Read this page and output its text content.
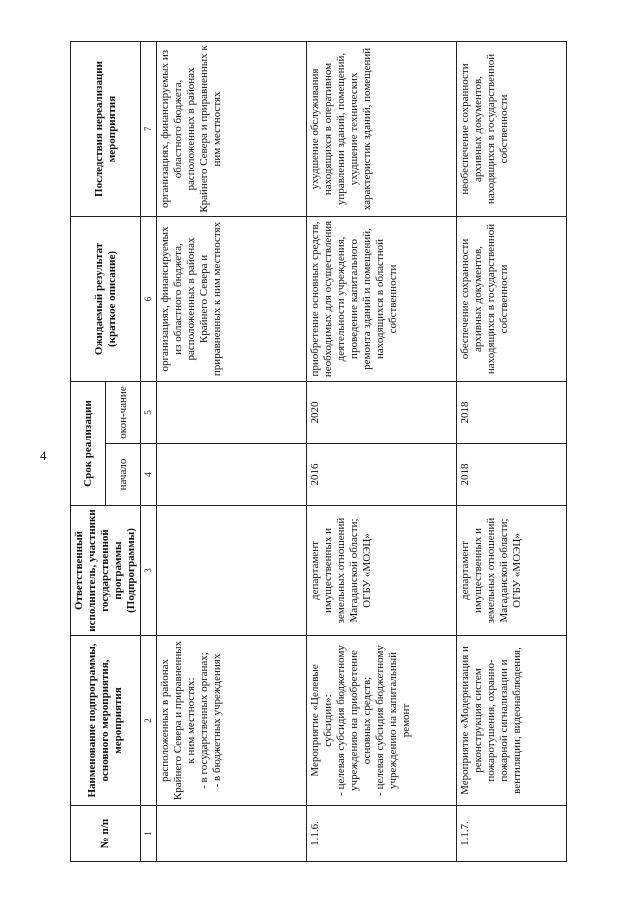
4
№ п/п	Наименование подпрограммы, основного мероприятия, мероприятия	Ответственный исполнитель, участники государственной программы (Подпрограммы)	Срок реализации		Ожидаемый результат (краткое описание)	Последствия нереализации мероприятия
			начало	окон-чание		
1	2	3	4	5	6	7

	расположенных в районах Крайнего Севера и приравненных к ним местностях: - в государственных органах; - в бюджетных учреждениях				организациях, финансируемых из областного бюджета, расположенных в районах Крайнего Севера и приравненных к ним местностях	организациях, финансируемых из областного бюджета, расположенных в районах Крайнего Севера и приравненных к ним местностях
1.1.6.	Мероприятие «Целевые субсидии»: - целевая субсидия бюджетному учреждению на приобретение основных средств; - целевая субсидия бюджетному учреждению на капитальный ремонт	департамент имущественных и земельных отношений Магаданской области; ОГБУ «МОЭЦ»	2016	2020	приобретение основных средств, необходимых для осуществления деятельности учреждения, проведение капитального ремонта зданий и помещений, находящихся в областной собственности	ухудшение обслуживания находящихся в оперативном управлении зданий, помещений, ухудшение технических характеристик зданий, помещений
1.1.7.	Мероприятие «Модернизация и реконструкция систем пожаротушения, охранно-пожарной сигнализации и вентиляции, видеонаблюдения,	департамент имущественных и земельных отношений Магаданской области; ОГБУ «МОЭЦ»	2018	2018	обеспечение сохранности архивных документов, находящихся в государственной собственности	необеспечение сохранности архивных документов, находящихся в государственной собственности
